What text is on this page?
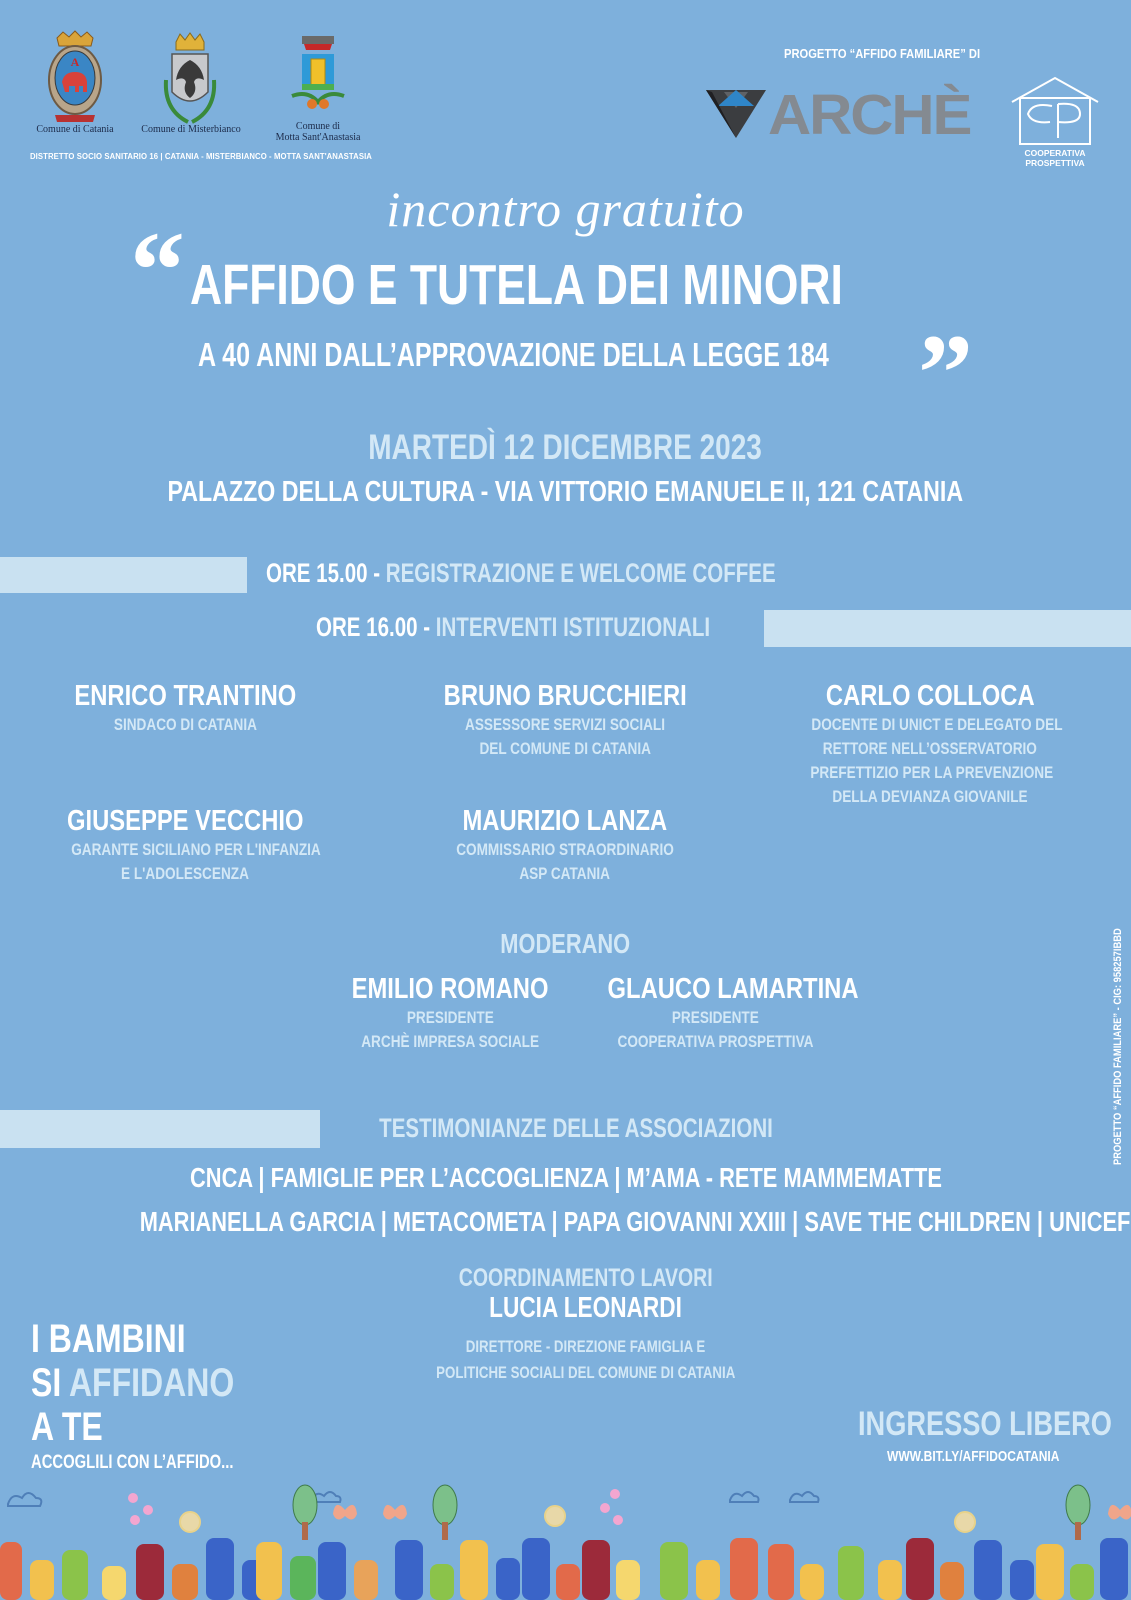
A
Comune di Catania	Comune di Misterbianco	Comune di
Motta Sant'Anastasia
DISTRETTO SOCIO SANITARIO 16 | CATANIA - MISTERBIANCO - MOTTA SANT'ANASTASIA
PROGETTO “AFFIDO FAMILIARE” DI
ARCHÈ
COOPERATIVA
PROSPETTIVA
incontro gratuito
“ AFFIDO E TUTELA DEI MINORI
A 40 ANNI DALL’APPROVAZIONE DELLA LEGGE 184 ”
MARTEDÌ 12 DICEMBRE 2023
PALAZZO DELLA CULTURA - VIA VITTORIO EMANUELE II, 121 CATANIA
ORE 15.00 - REGISTRAZIONE E WELCOME COFFEE
ORE 16.00 - INTERVENTI ISTITUZIONALI
ENRICO TRANTINO
SINDACO DI CATANIA
BRUNO BRUCCHIERI
ASSESSORE SERVIZI SOCIALI
DEL COMUNE DI CATANIA
CARLO COLLOCA
DOCENTE DI UNICT E DELEGATO DEL
RETTORE NELL’OSSERVATORIO
PREFETTIZIO PER LA PREVENZIONE
DELLA DEVIANZA GIOVANILE
GIUSEPPE VECCHIO
GARANTE SICILIANO PER L'INFANZIA
E L'ADOLESCENZA
MAURIZIO LANZA
COMMISSARIO STRAORDINARIO
ASP CATANIA
MODERANO
EMILIO ROMANO
PRESIDENTE
ARCHÈ IMPRESA SOCIALE
GLAUCO LAMARTINA
PRESIDENTE
COOPERATIVA PROSPETTIVA
TESTIMONIANZE DELLE ASSOCIAZIONI
CNCA | FAMIGLIE PER L’ACCOGLIENZA | M’AMA - RETE MAMMEMATTE
MARIANELLA GARCIA | METACOMETA | PAPA GIOVANNI XXIII | SAVE THE CHILDREN | UNICEF
COORDINAMENTO LAVORI
LUCIA LEONARDI
DIRETTORE - DIREZIONE FAMIGLIA E
POLITICHE SOCIALI DEL COMUNE DI CATANIA
I BAMBINI
SI AFFIDANO
A TE
ACCOGLILI CON L’AFFIDO...
INGRESSO LIBERO
WWW.BIT.LY/AFFIDOCATANIA
PROGETTO “AFFIDO FAMILIARE” - CIG: 958257IBBD
